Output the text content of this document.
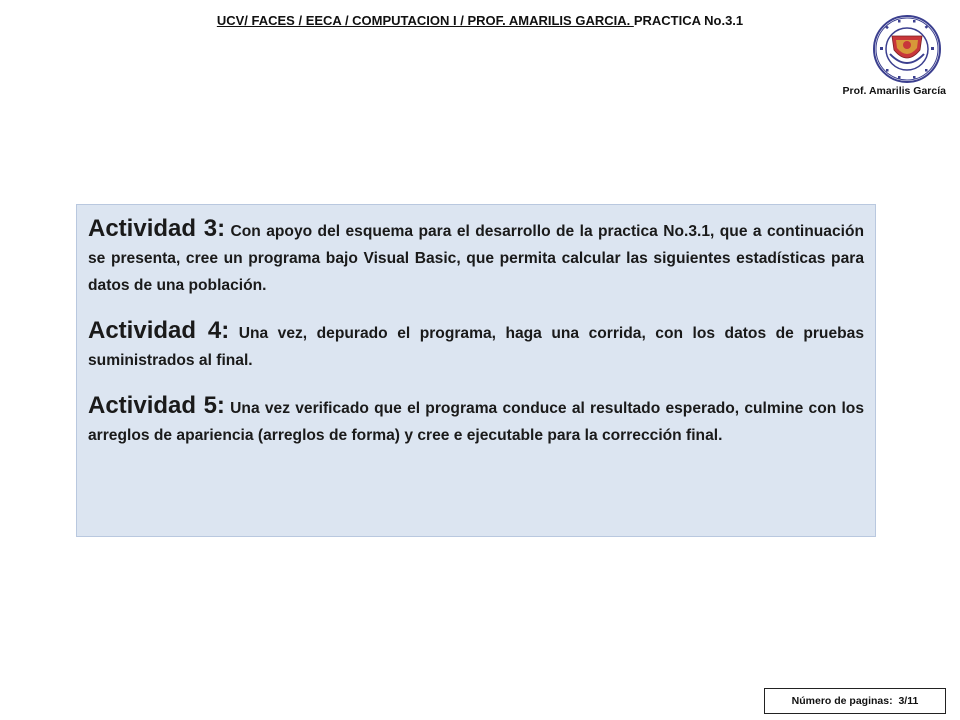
UCV/ FACES / EECA / COMPUTACION I / PROF. AMARILIS GARCIA. PRACTICA No.3.1
Prof. Amarilis García

Actividad 3: Con apoyo del esquema para el desarrollo de la practica No.3.1, que a continuación se presenta, cree un programa bajo Visual Basic, que permita calcular las siguientes estadísticas para datos de una población.

Actividad 4: Una vez, depurado el programa, haga una corrida, con los datos de pruebas suministrados al final.

Actividad 5: Una vez verificado que el programa conduce al resultado esperado, culmine con los arreglos de apariencia (arreglos de forma) y cree e ejecutable para la corrección final.

Número de paginas: 3/11
